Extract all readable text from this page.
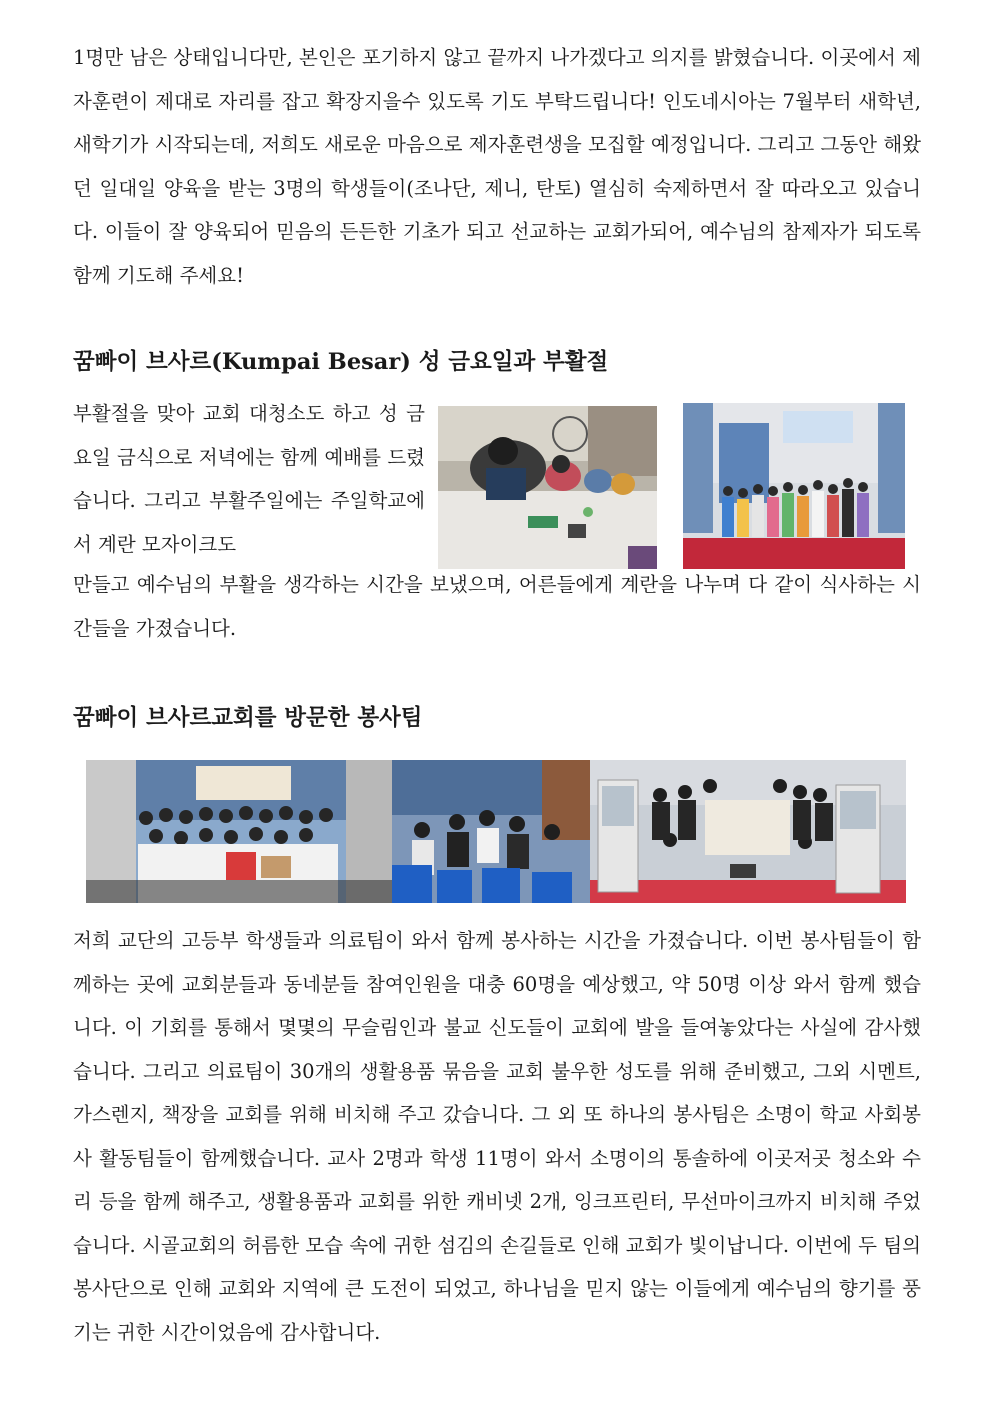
1명만 남은 상태입니다만, 본인은 포기하지 않고 끝까지 나가겠다고 의지를 밝혔습니다. 이곳에서 제자훈련이 제대로 자리를 잡고 확장지을수 있도록 기도 부탁드립니다! 인도네시아는 7월부터 새학년, 새학기가 시작되는데, 저희도 새로운 마음으로 제자훈련생을 모집할 예정입니다. 그리고 그동안 해왔던 일대일 양육을 받는 3명의 학생들이(조나단, 제니, 탄토) 열심히 숙제하면서 잘 따라오고 있습니다. 이들이 잘 양육되어 믿음의 든든한 기초가 되고 선교하는 교회가되어, 예수님의 참제자가 되도록 함께 기도해 주세요!

꿈빠이 브사르(Kumpai Besar) 성 금요일과 부활절

부활절을 맞아 교회 대청소도 하고 성 금요일 금식으로 저녁에는 함께 예배를 드렸습니다. 그리고 부활주일에는 주일학교에서 계란 모자이크도

만들고 예수님의 부활을 생각하는 시간을 보냈으며, 어른들에게 계란을 나누며 다 같이 식사하는 시간들을 가졌습니다.

꿈빠이 브사르교회를 방문한 봉사팀

저희 교단의 고등부 학생들과 의료팀이 와서 함께 봉사하는 시간을 가졌습니다. 이번 봉사팀들이 함께하는 곳에 교회분들과 동네분들 참여인원을 대충 60명을 예상했고, 약 50명 이상 와서 함께 했습니다. 이 기회를 통해서 몇몇의 무슬림인과 불교 신도들이 교회에 발을 들여놓았다는 사실에 감사했습니다. 그리고 의료팀이 30개의 생활용품 묶음을 교회 불우한 성도를 위해 준비했고, 그외 시멘트, 가스렌지, 책장을 교회를 위해 비치해 주고 갔습니다. 그 외 또 하나의 봉사팀은 소명이 학교 사회봉사 활동팀들이 함께했습니다. 교사 2명과 학생 11명이 와서 소명이의 통솔하에 이곳저곳 청소와 수리 등을 함께 해주고, 생활용품과 교회를 위한 캐비넷 2개, 잉크프린터, 무선마이크까지 비치해 주었습니다. 시골교회의 허름한 모습 속에 귀한 섬김의 손길들로 인해 교회가 빛이납니다. 이번에 두 팀의 봉사단으로 인해 교회와 지역에 큰 도전이 되었고, 하나님을 믿지 않는 이들에게 예수님의 향기를 풍기는 귀한 시간이었음에 감사합니다.
